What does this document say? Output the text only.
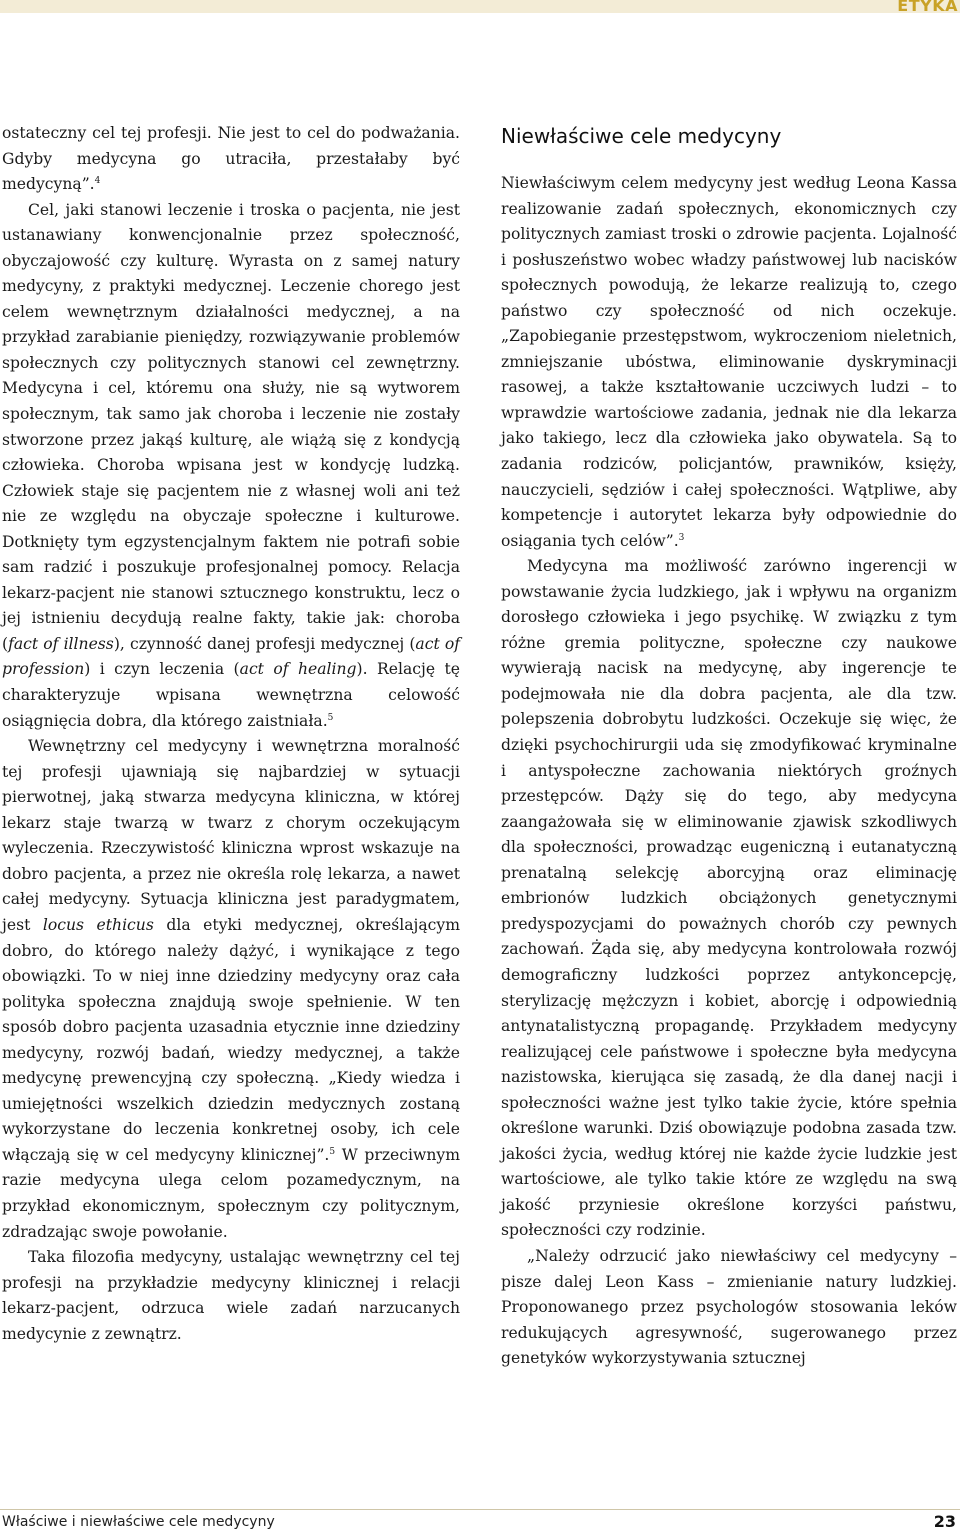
ETYKA

ostateczny cel tej profesji. Nie jest to cel do podważania. Gdyby medycyna go utraciła, przestałaby być medycyną”.$^4$

Cel, jaki stanowi leczenie i troska o pacjenta, nie jest ustanawiany konwencjonalnie przez społeczność, obyczajowość czy kulturę. Wyrasta on z samej natury medycyny, z praktyki medycznej. Leczenie chorego jest celem wewnętrznym działalności medycznej, a na przykład zarabianie pieniędzy, rozwiązywanie problemów społecznych czy politycznych stanowi cel zewnętrzny. Medycyna i cel, któremu ona służy, nie są wytworem społecznym, tak samo jak choroba i leczenie nie zostały stworzone przez jakąś kulturę, ale wiążą się z kondycją człowieka. Choroba wpisana jest w kondycję ludzką. Człowiek staje się pacjentem nie z własnej woli ani też nie ze względu na obyczaje społeczne i kulturowe. Dotknięty tym egzystencjalnym faktem nie potrafi sobie sam radzić i poszukuje profesjonalnej pomocy. Relacja lekarz-pacjent nie stanowi sztucznego konstruktu, lecz o jej istnieniu decydują realne fakty, takie jak: choroba (fact of illness), czynność danej profesji medycznej (act of profession) i czyn leczenia (act of healing). Relację tę charakteryzuje wpisana wewnętrzna celowość osiągnięcia dobra, dla którego zaistniała.$^5$

Wewnętrzny cel medycyny i wewnętrzna moralność tej profesji ujawniają się najbardziej w sytuacji pierwotnej, jaką stwarza medycyna kliniczna, w której lekarz staje twarzą w twarz z chorym oczekującym wyleczenia. Rzeczywistość kliniczna wprost wskazuje na dobro pacjenta, a przez nie określa rolę lekarza, a nawet całej medycyny. Sytuacja kliniczna jest paradygmatem, jest locus ethicus dla etyki medycznej, określającym dobro, do którego należy dążyć, i wynikające z tego obowiązki. To w niej inne dziedziny medycyny oraz cała polityka społeczna znajdują swoje spełnienie. W ten sposób dobro pacjenta uzasadnia etycznie inne dziedziny medycyny, rozwój badań, wiedzy medycznej, a także medycynę prewencyjną czy społeczną. „Kiedy wiedza i umiejętności wszelkich dziedzin medycznych zostaną wykorzystane do leczenia konkretnej osoby, ich cele włączają się w cel medycyny klinicznej”.$^5$ W przeciwnym razie medycyna ulega celom pozamedycznym, na przykład ekonomicznym, społecznym czy politycznym, zdradzając swoje powołanie.

Taka filozofia medycyny, ustalając wewnętrzny cel tej profesji na przykładzie medycyny klinicznej i relacji lekarz-pacjent, odrzuca wiele zadań narzucanych medycynie z zewnątrz.

Niewłaściwe cele medycyny

Niewłaściwym celem medycyny jest według Leona Kassa realizowanie zadań społecznych, ekonomicznych czy politycznych zamiast troski o zdrowie pacjenta. Lojalność i posłuszeństwo wobec władzy państwowej lub nacisków społecznych powodują, że lekarze realizują to, czego państwo czy społeczność od nich oczekuje. „Zapobieganie przestępstwom, wykroczeniom nieletnich, zmniejszanie ubóstwa, eliminowanie dyskryminacji rasowej, a także kształtowanie uczciwych ludzi – to wprawdzie wartościowe zadania, jednak nie dla lekarza jako takiego, lecz dla człowieka jako obywatela. Są to zadania rodziców, policjantów, prawników, księży, nauczycieli, sędziów i całej społeczności. Wątpliwe, aby kompetencje i autorytet lekarza były odpowiednie do osiągania tych celów”.$^3$

Medycyna ma możliwość zarówno ingerencji w powstawanie życia ludzkiego, jak i wpływu na organizm dorosłego człowieka i jego psychikę. W związku z tym różne gremia polityczne, społeczne czy naukowe wywierają nacisk na medycynę, aby ingerencje te podejmowała nie dla dobra pacjenta, ale dla tzw. polepszenia dobrobytu ludzkości. Oczekuje się więc, że dzięki psychochirurgii uda się zmodyfikować kryminalne i antyspołeczne zachowania niektórych groźnych przestępców. Dąży się do tego, aby medycyna zaangażowała się w eliminowanie zjawisk szkodliwych dla społeczności, prowadząc eugeniczną i eutanatyczną prenatalną selekcję aborcyjną oraz eliminację embrionów ludzkich obciążonych genetycznymi predyspozycjami do poważnych chorób czy pewnych zachowań. Żąda się, aby medycyna kontrolowała rozwój demograficzny ludzkości poprzez antykoncepcję, sterylizację mężczyzn i kobiet, aborcję i odpowiednią antynatalistyczną propagandę. Przykładem medycyny realizującej cele państwowe i społeczne była medycyna nazistowska, kierująca się zasadą, że dla danej nacji i społeczności ważne jest tylko takie życie, które spełnia określone warunki. Dziś obowiązuje podobna zasada tzw. jakości życia, według której nie każde życie ludzkie jest wartościowe, ale tylko takie które ze względu na swą jakość przyniesie określone korzyści państwu, społeczności czy rodzinie.

„Należy odrzucić jako niewłaściwy cel medycyny – pisze dalej Leon Kass – zmienianie natury ludzkiej. Proponowanego przez psychologów stosowania leków redukujących agresywność, sugerowanego przez genetyków wykorzystywania sztucznej

Właściwe i niewłaściwe cele medycyny	23
